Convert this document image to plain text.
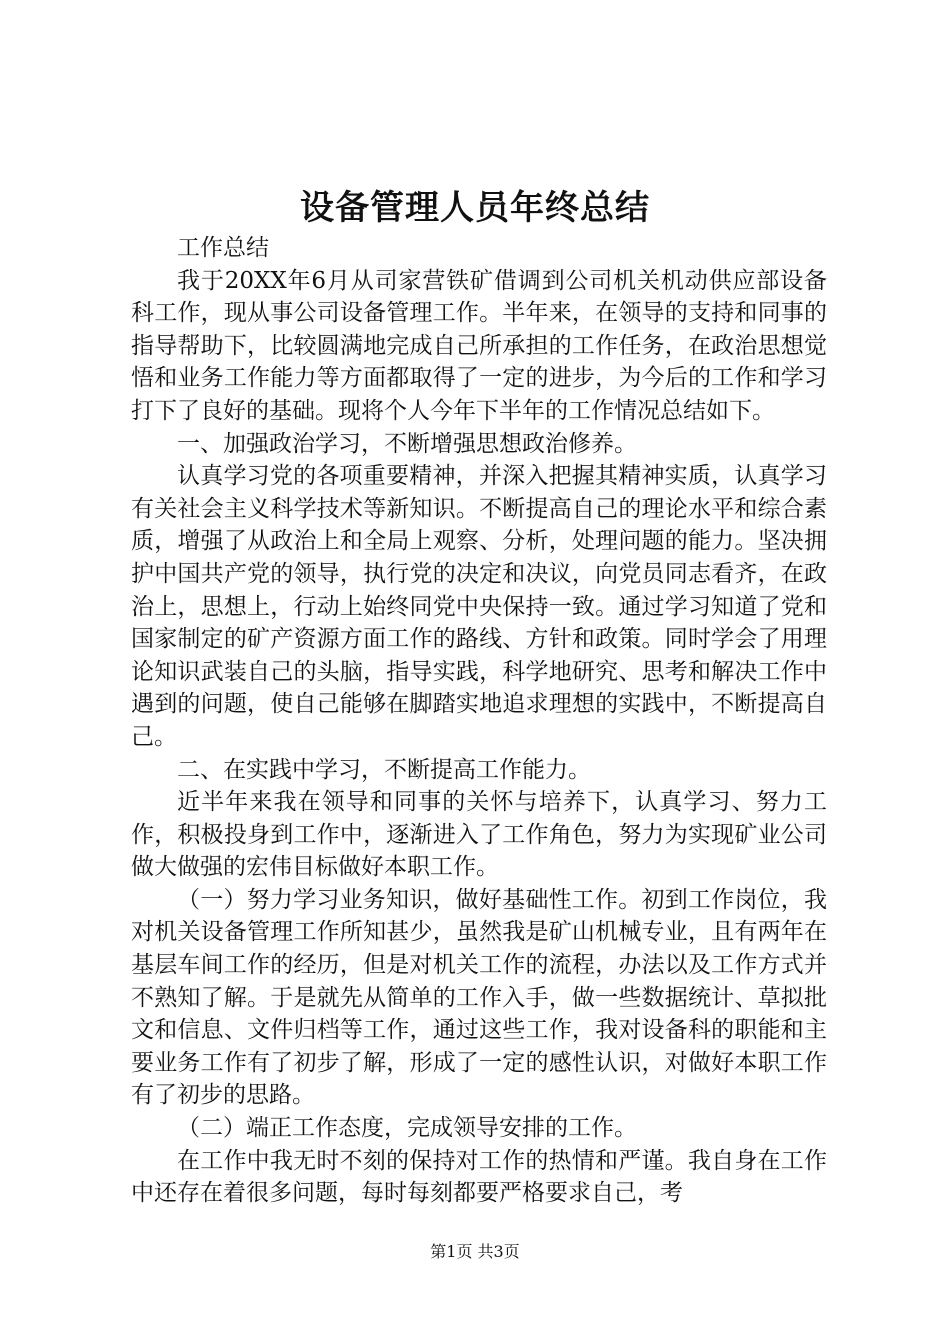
设备管理人员年终总结

工作总结

我于20XX年6月从司家营铁矿借调到公司机关机动供应部设备科工作，现从事公司设备管理工作。半年来，在领导的支持和同事的指导帮助下，比较圆满地完成自己所承担的工作任务，在政治思想觉悟和业务工作能力等方面都取得了一定的进步，为今后的工作和学习打下了良好的基础。现将个人今年下半年的工作情况总结如下。

一、加强政治学习，不断增强思想政治修养。

认真学习党的各项重要精神，并深入把握其精神实质，认真学习有关社会主义科学技术等新知识。不断提高自己的理论水平和综合素质，增强了从政治上和全局上观察、分析，处理问题的能力。坚决拥护中国共产党的领导，执行党的决定和决议，向党员同志看齐，在政治上，思想上，行动上始终同党中央保持一致。通过学习知道了党和国家制定的矿产资源方面工作的路线、方针和政策。同时学会了用理论知识武装自己的头脑，指导实践，科学地研究、思考和解决工作中遇到的问题，使自己能够在脚踏实地追求理想的实践中，不断提高自己。

二、在实践中学习，不断提高工作能力。

近半年来我在领导和同事的关怀与培养下，认真学习、努力工作，积极投身到工作中，逐渐进入了工作角色，努力为实现矿业公司做大做强的宏伟目标做好本职工作。

（一）努力学习业务知识，做好基础性工作。初到工作岗位，我对机关设备管理工作所知甚少，虽然我是矿山机械专业，且有两年在基层车间工作的经历，但是对机关工作的流程，办法以及工作方式并不熟知了解。于是就先从简单的工作入手，做一些数据统计、草拟批文和信息、文件归档等工作，通过这些工作，我对设备科的职能和主要业务工作有了初步了解，形成了一定的感性认识，对做好本职工作有了初步的思路。

（二）端正工作态度，完成领导安排的工作。

在工作中我无时不刻的保持对工作的热情和严谨。我自身在工作中还存在着很多问题，每时每刻都要严格要求自己，考

第1页 共3页
